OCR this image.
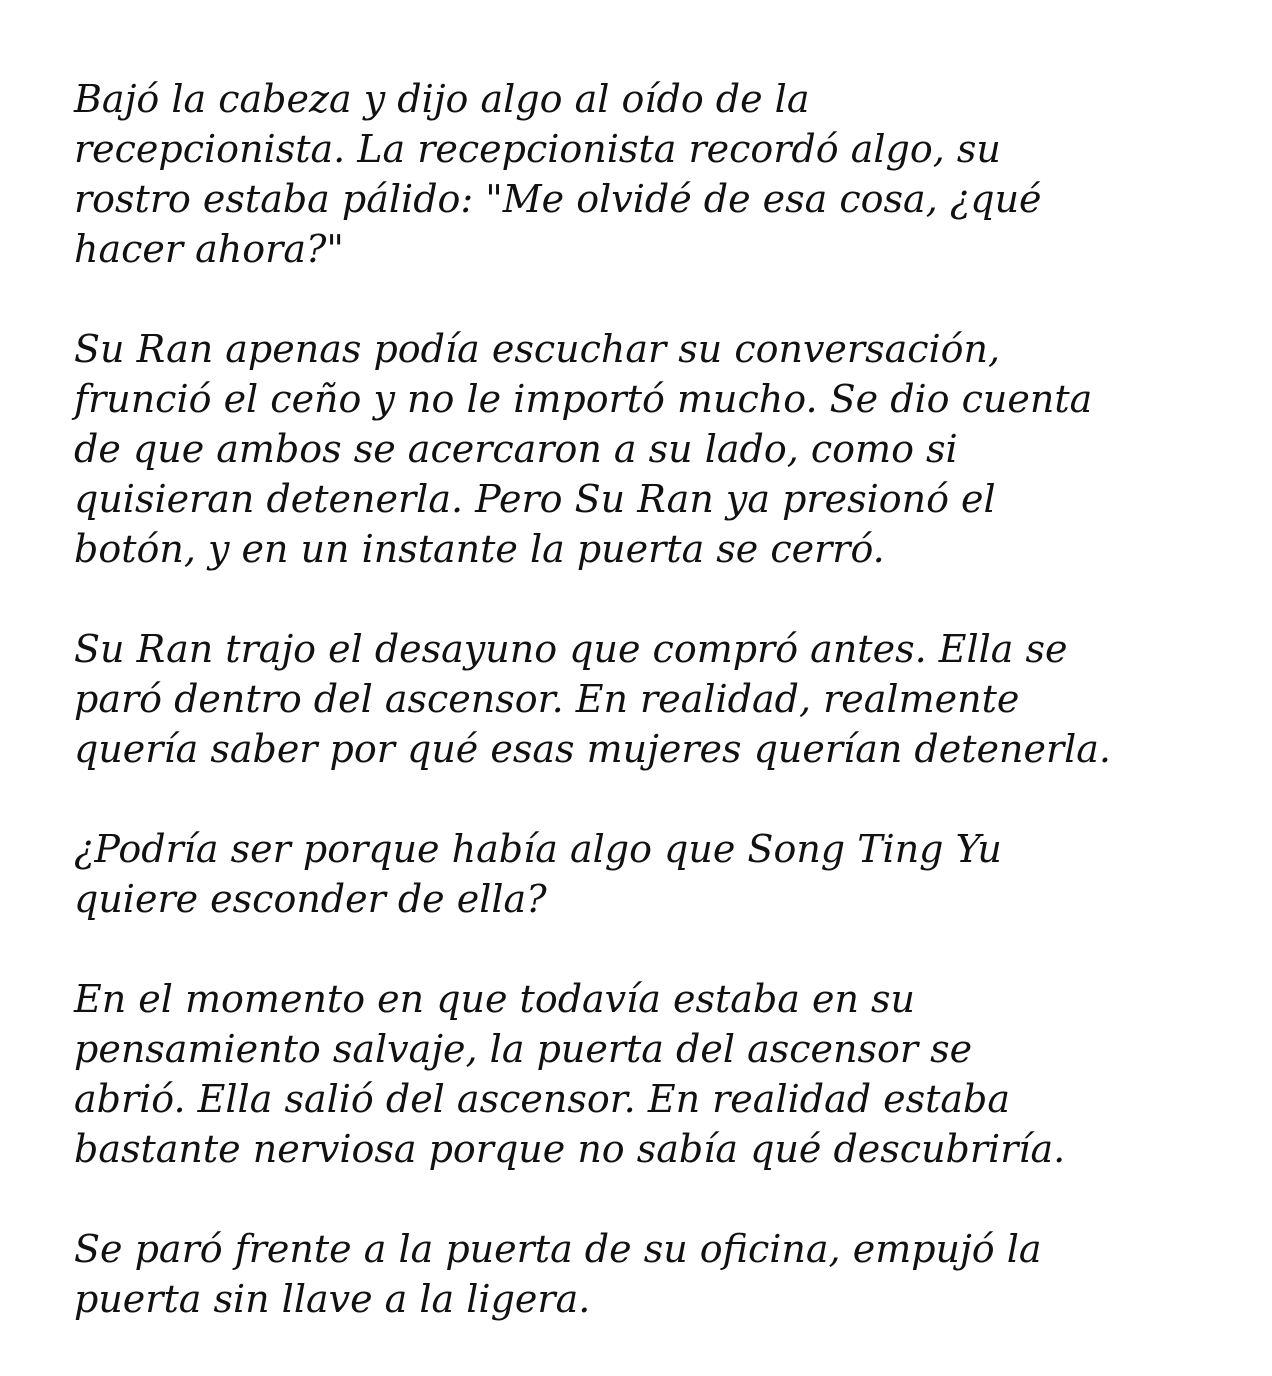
Bajó la cabeza y dijo algo al oído de la
recepcionista. La recepcionista recordó algo, su
rostro estaba pálido: "Me olvidé de esa cosa, ¿qué
hacer ahora?"

Su Ran apenas podía escuchar su conversación,
frunció el ceño y no le importó mucho. Se dio cuenta
de que ambos se acercaron a su lado, como si
quisieran detenerla. Pero Su Ran ya presionó el
botón, y en un instante la puerta se cerró.

Su Ran trajo el desayuno que compró antes. Ella se
paró dentro del ascensor. En realidad, realmente
quería saber por qué esas mujeres querían detenerla.

¿Podría ser porque había algo que Song Ting Yu
quiere esconder de ella?

En el momento en que todavía estaba en su
pensamiento salvaje, la puerta del ascensor se
abrió. Ella salió del ascensor. En realidad estaba
bastante nerviosa porque no sabía qué descubriría.

Se paró frente a la puerta de su oficina, empujó la
puerta sin llave a la ligera.
